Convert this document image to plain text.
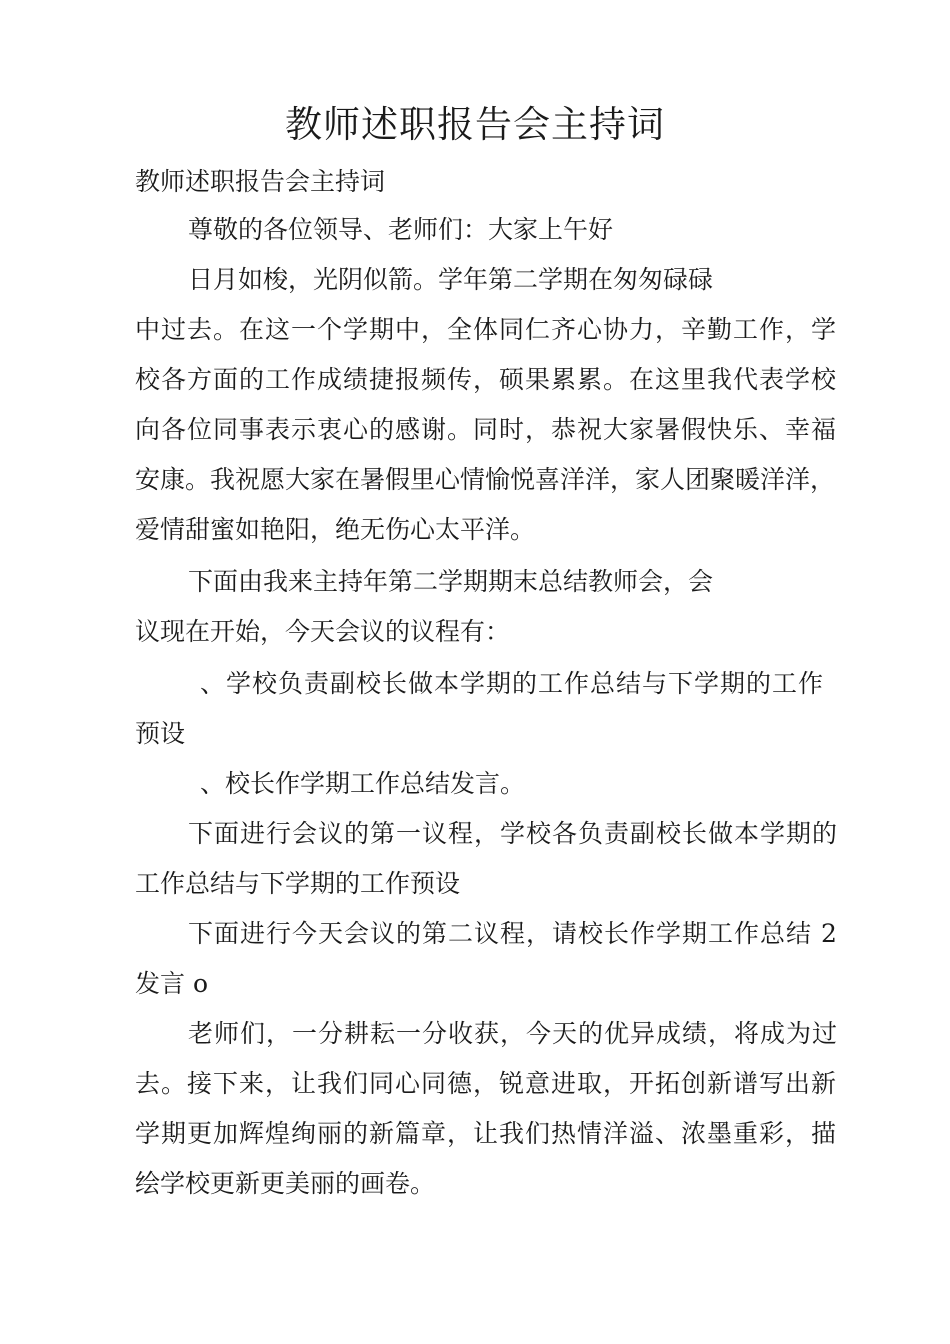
教师述职报告会主持词
教师述职报告会主持词
尊敬的各位领导、老师们：大家上午好
日月如梭，光阴似箭。学年第二学期在匆匆碌碌
中过去。在这一个学期中，全体同仁齐心协力，辛勤工作，学
校各方面的工作成绩捷报频传，硕果累累。在这里我代表学校
向各位同事表示衷心的感谢。同时，恭祝大家暑假快乐、幸福
安康。我祝愿大家在暑假里心情愉悦喜洋洋，家人团聚暖洋洋，
爱情甜蜜如艳阳，绝无伤心太平洋。
下面由我来主持年第二学期期末总结教师会，会
议现在开始，今天会议的议程有：
、学校负责副校长做本学期的工作总结与下学期的工作
预设
、校长作学期工作总结发言。
下面进行会议的第一议程，学校各负责副校长做本学期的
工作总结与下学期的工作预设
下面进行今天会议的第二议程，请校长作学期工作总结 2
发言 o
老师们，一分耕耘一分收获，今天的优异成绩，将成为过
去。接下来，让我们同心同德，锐意进取，开拓创新谱写出新
学期更加辉煌绚丽的新篇章，让我们热情洋溢、浓墨重彩，描
绘学校更新更美丽的画卷。
